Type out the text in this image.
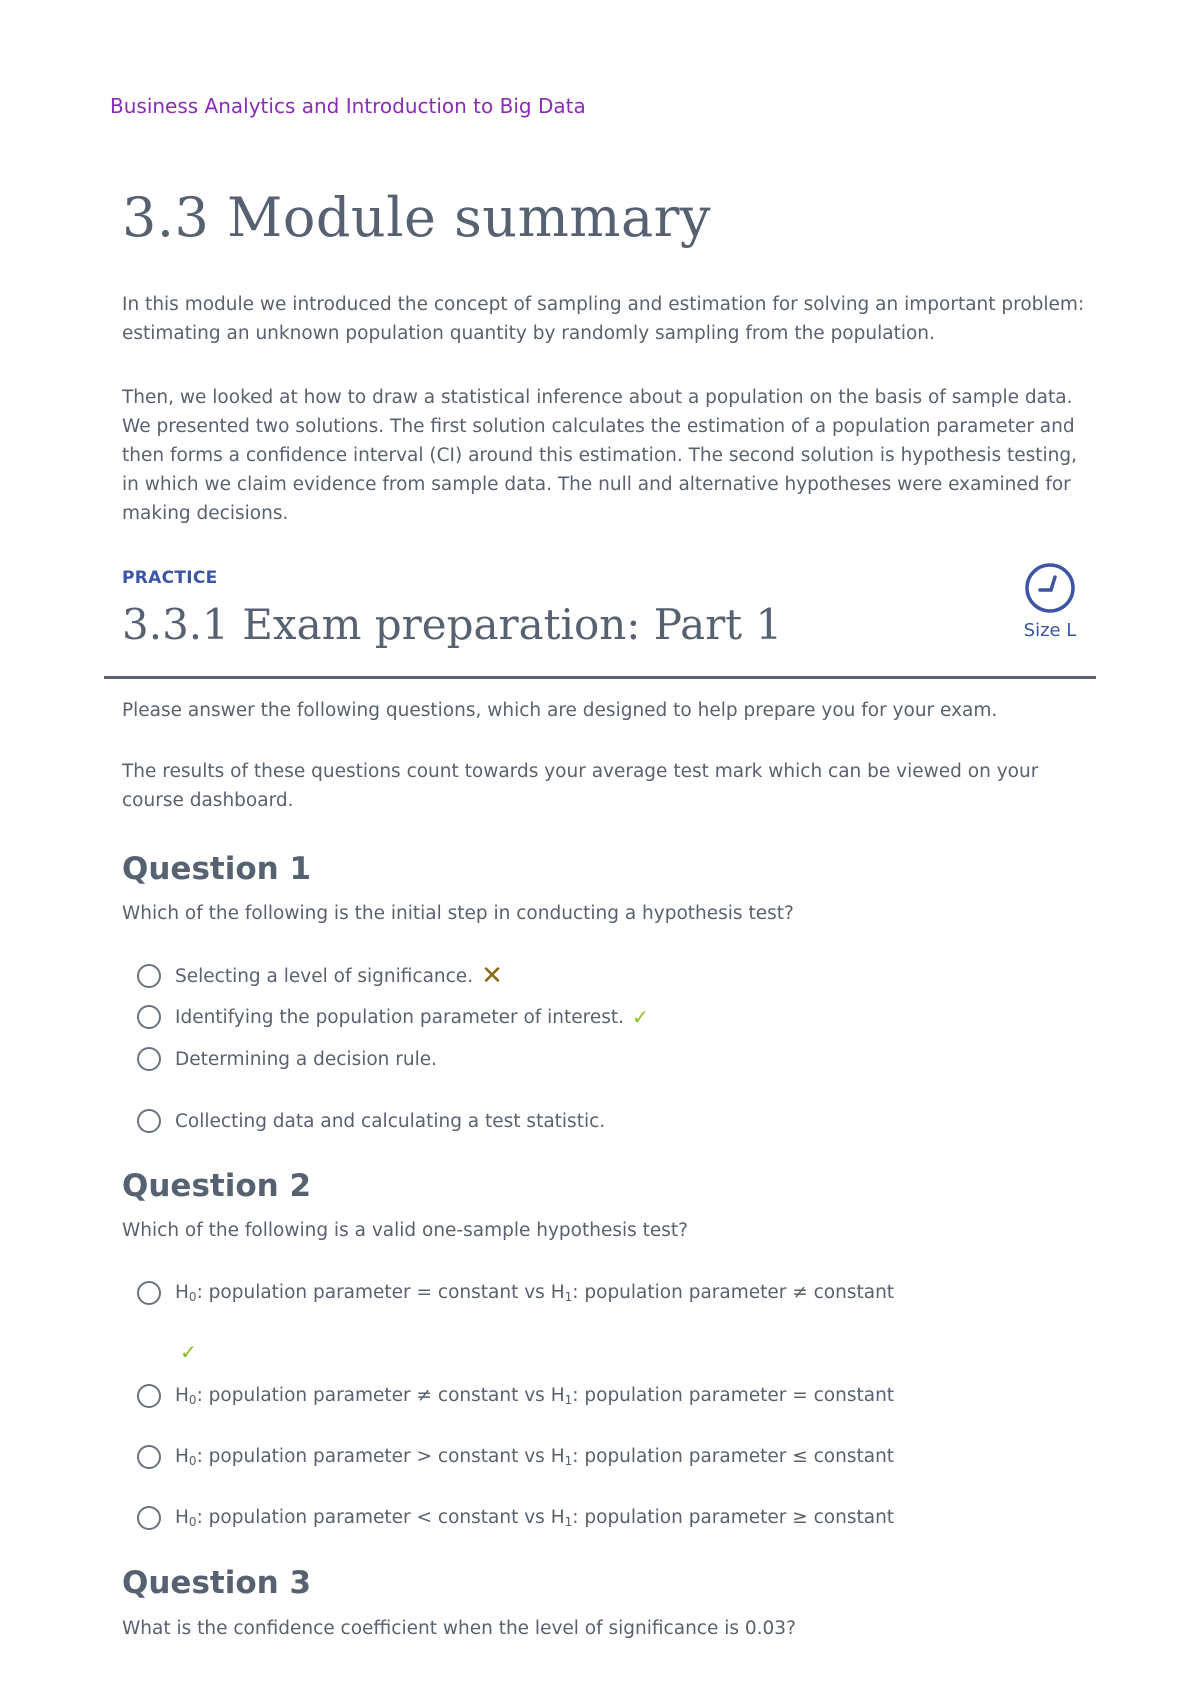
Business Analytics and Introduction to Big Data
3.3 Module summary

In this module we introduced the concept of sampling and estimation for solving an important problem: estimating an unknown population quantity by randomly sampling from the population.

Then, we looked at how to draw a statistical inference about a population on the basis of sample data. We presented two solutions. The first solution calculates the estimation of a population parameter and then forms a confidence interval (CI) around this estimation. The second solution is hypothesis testing, in which we claim evidence from sample data. The null and alternative hypotheses were examined for making decisions.

PRACTICE
3.3.1 Exam preparation: Part 1	Size L

Please answer the following questions, which are designed to help prepare you for your exam.

The results of these questions count towards your average test mark which can be viewed on your course dashboard.

Question 1
Which of the following is the initial step in conducting a hypothesis test?
Selecting a level of significance. ✕
Identifying the population parameter of interest. ✓
Determining a decision rule.
Collecting data and calculating a test statistic.
Question 2
Which of the following is a valid one-sample hypothesis test?
$H_0$: population parameter = constant vs $H_1$: population parameter ≠ constant
✓
$H_0$: population parameter ≠ constant vs $H_1$: population parameter = constant
$H_0$: population parameter > constant vs $H_1$: population parameter ≤ constant
$H_0$: population parameter < constant vs $H_1$: population parameter ≥ constant
Question 3
What is the confidence coefficient when the level of significance is 0.03?
